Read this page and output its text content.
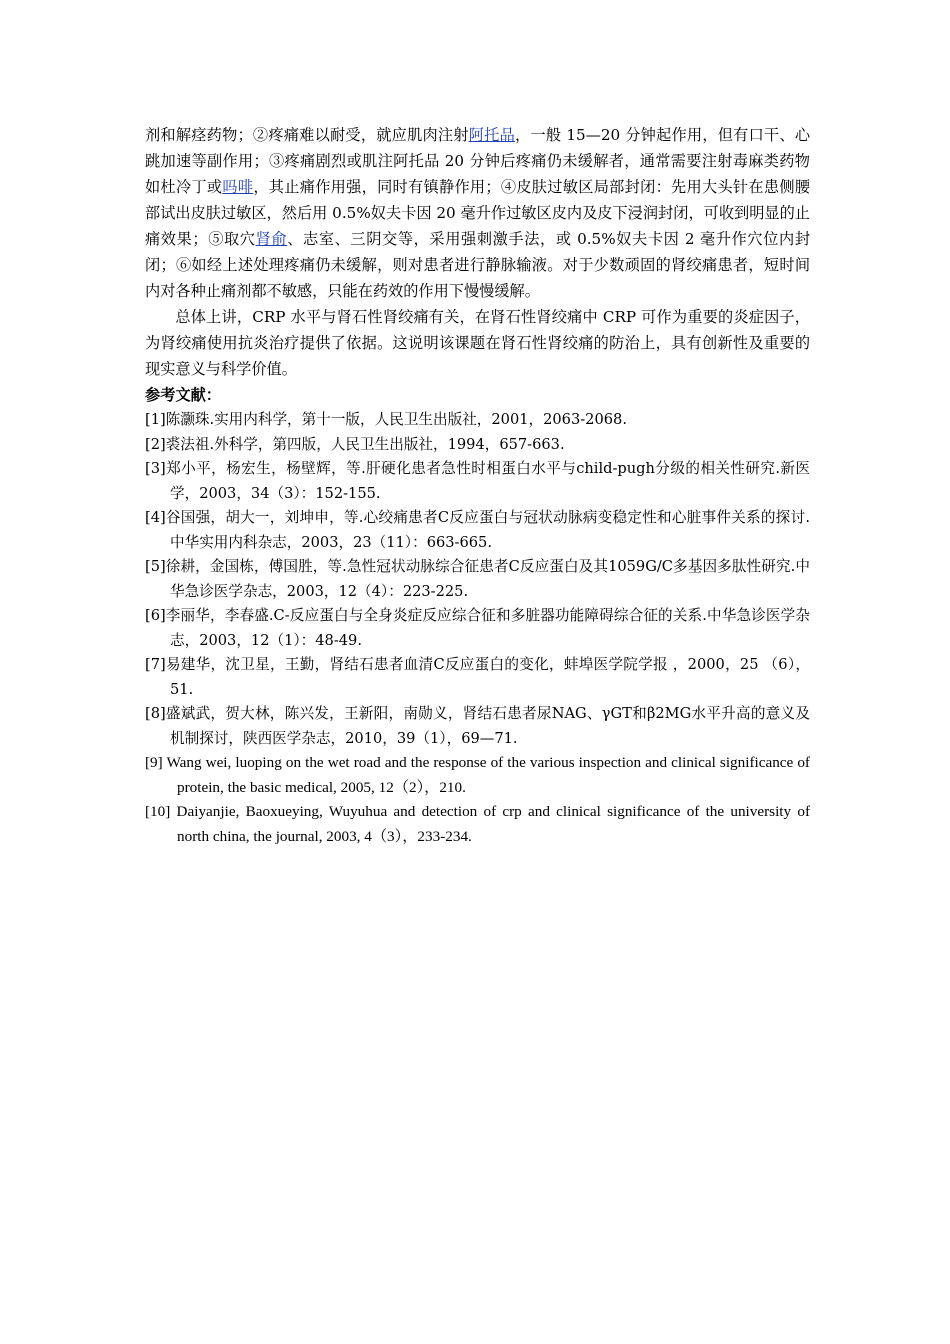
剂和解痉药物；②疼痛难以耐受，就应肌肉注射阿托品，一般 15—20 分钟起作用，但有口干、心跳加速等副作用；③疼痛剧烈或肌注阿托品 20 分钟后疼痛仍未缓解者，通常需要注射毒麻类药物如杜冷丁或吗啡，其止痛作用强，同时有镇静作用；④皮肤过敏区局部封闭：先用大头针在患侧腰部试出皮肤过敏区，然后用 0.5%奴夫卡因 20 毫升作过敏区皮内及皮下浸润封闭，可收到明显的止痛效果；⑤取穴肾俞、志室、三阴交等，采用强刺激手法，或 0.5%奴夫卡因 2 毫升作穴位内封闭；⑥如经上述处理疼痛仍未缓解，则对患者进行静脉输液。对于少数顽固的肾绞痛患者，短时间内对各种止痛剂都不敏感，只能在药效的作用下慢慢缓解。

总体上讲，CRP 水平与肾石性肾绞痛有关，在肾石性肾绞痛中 CRP 可作为重要的炎症因子，为肾绞痛使用抗炎治疗提供了依据。这说明该课题在肾石性肾绞痛的防治上，具有创新性及重要的现实意义与科学价值。

参考文献：

[1]陈灏珠.实用内科学，第十一版，人民卫生出版社，2001，2063-2068.
[2]裘法祖.外科学，第四版，人民卫生出版社，1994，657-663.
[3]郑小平，杨宏生，杨壁辉，等.肝硬化患者急性时相蛋白水平与child-pugh分级的相关性研究.新医学，2003，34（3）：152-155.
[4]谷国强，胡大一，刘坤申，等.心绞痛患者C反应蛋白与冠状动脉病变稳定性和心脏事件关系的探讨.中华实用内科杂志，2003，23（11）：663-665.
[5]徐耕，金国栋，傅国胜，等.急性冠状动脉综合征患者C反应蛋白及其1059G/C多基因多肽性研究.中华急诊医学杂志，2003，12（4）：223-225.
[6]李丽华，李春盛.C-反应蛋白与全身炎症反应综合征和多脏器功能障碍综合征的关系.中华急诊医学杂志，2003，12（1）：48-49.
[7]易建华，沈卫星，王勤，肾结石患者血清C反应蛋白的变化，蚌埠医学院学报 ，2000，25 （6），51.
[8]盛斌武，贺大林，陈兴发，王新阳，南勋义，肾结石患者尿NAG、γGT和β2MG水平升高的意义及机制探讨，陕西医学杂志，2010，39（1），69—71.
[9] Wang wei, luoping on the wet road and the response of the various inspection and clinical significance of protein, the basic medical, 2005, 12（2），210.
[10] Daiyanjie, Baoxueying, Wuyuhua and detection of crp and clinical significance of the university of north china, the journal, 2003, 4（3），233-234.
